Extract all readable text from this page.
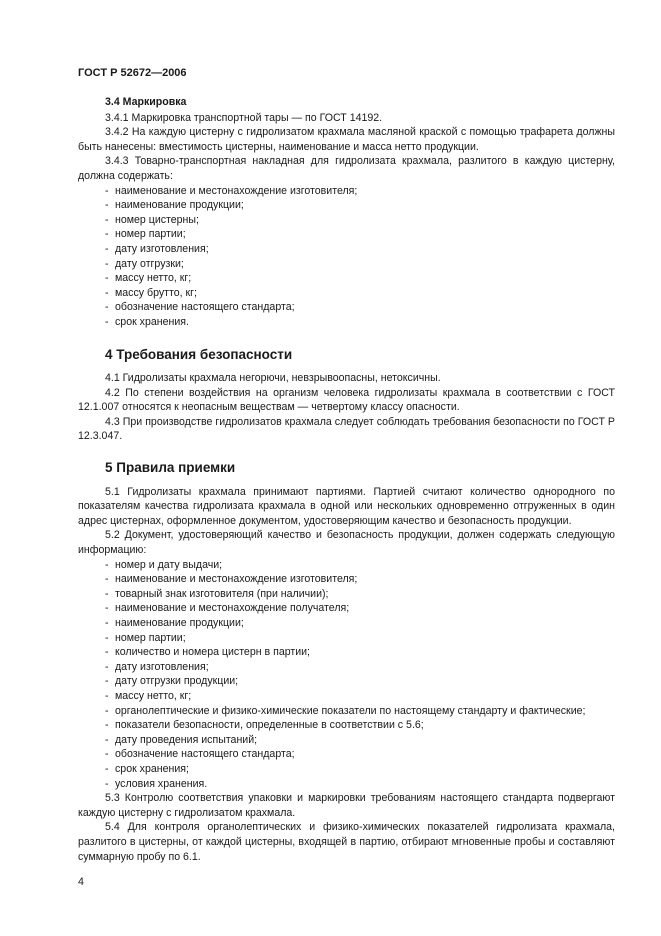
ГОСТ Р 52672—2006
3.4 Маркировка

3.4.1 Маркировка транспортной тары — по ГОСТ 14192.

3.4.2 На каждую цистерну с гидролизатом крахмала масляной краской с помощью трафарета должны быть нанесены: вместимость цистерны, наименование и масса нетто продукции.

3.4.3 Товарно-транспортная накладная для гидролизата крахмала, разлитого в каждую цистерну, должна содержать:

- наименование и местонахождение изготовителя;
- наименование продукции;
- номер цистерны;
- номер партии;
- дату изготовления;
- дату отгрузки;
- массу нетто, кг;
- массу брутто, кг;
- обозначение настоящего стандарта;
- срок хранения.
4 Требования безопасности

4.1 Гидролизаты крахмала негорючи, невзрывоопасны, нетоксичны.

4.2 По степени воздействия на организм человека гидролизаты крахмала в соответствии с ГОСТ 12.1.007 относятся к неопасным веществам — четвертому классу опасности.

4.3 При производстве гидролизатов крахмала следует соблюдать требования безопасности по ГОСТ Р 12.3.047.

5 Правила приемки

5.1 Гидролизаты крахмала принимают партиями. Партией считают количество однородного по показателям качества гидролизата крахмала в одной или нескольких одновременно отгруженных в один адрес цистернах, оформленное документом, удостоверяющим качество и безопасность продукции.

5.2 Документ, удостоверяющий качество и безопасность продукции, должен содержать следующую информацию:

- номер и дату выдачи;
- наименование и местонахождение изготовителя;
- товарный знак изготовителя (при наличии);
- наименование и местонахождение получателя;
- наименование продукции;
- номер партии;
- количество и номера цистерн в партии;
- дату изготовления;
- дату отгрузки продукции;
- массу нетто, кг;
- органолептические и физико-химические показатели по настоящему стандарту и фактические;
- показатели безопасности, определенные в соответствии с 5.6;
- дату проведения испытаний;
- обозначение настоящего стандарта;
- срок хранения;
- условия хранения.

5.3 Контролю соответствия упаковки и маркировки требованиям настоящего стандарта подвергают каждую цистерну с гидролизатом крахмала.

5.4 Для контроля органолептических и физико-химических показателей гидролизата крахмала, разлитого в цистерны, от каждой цистерны, входящей в партию, отбирают мгновенные пробы и составляют суммарную пробу по 6.1.

4
